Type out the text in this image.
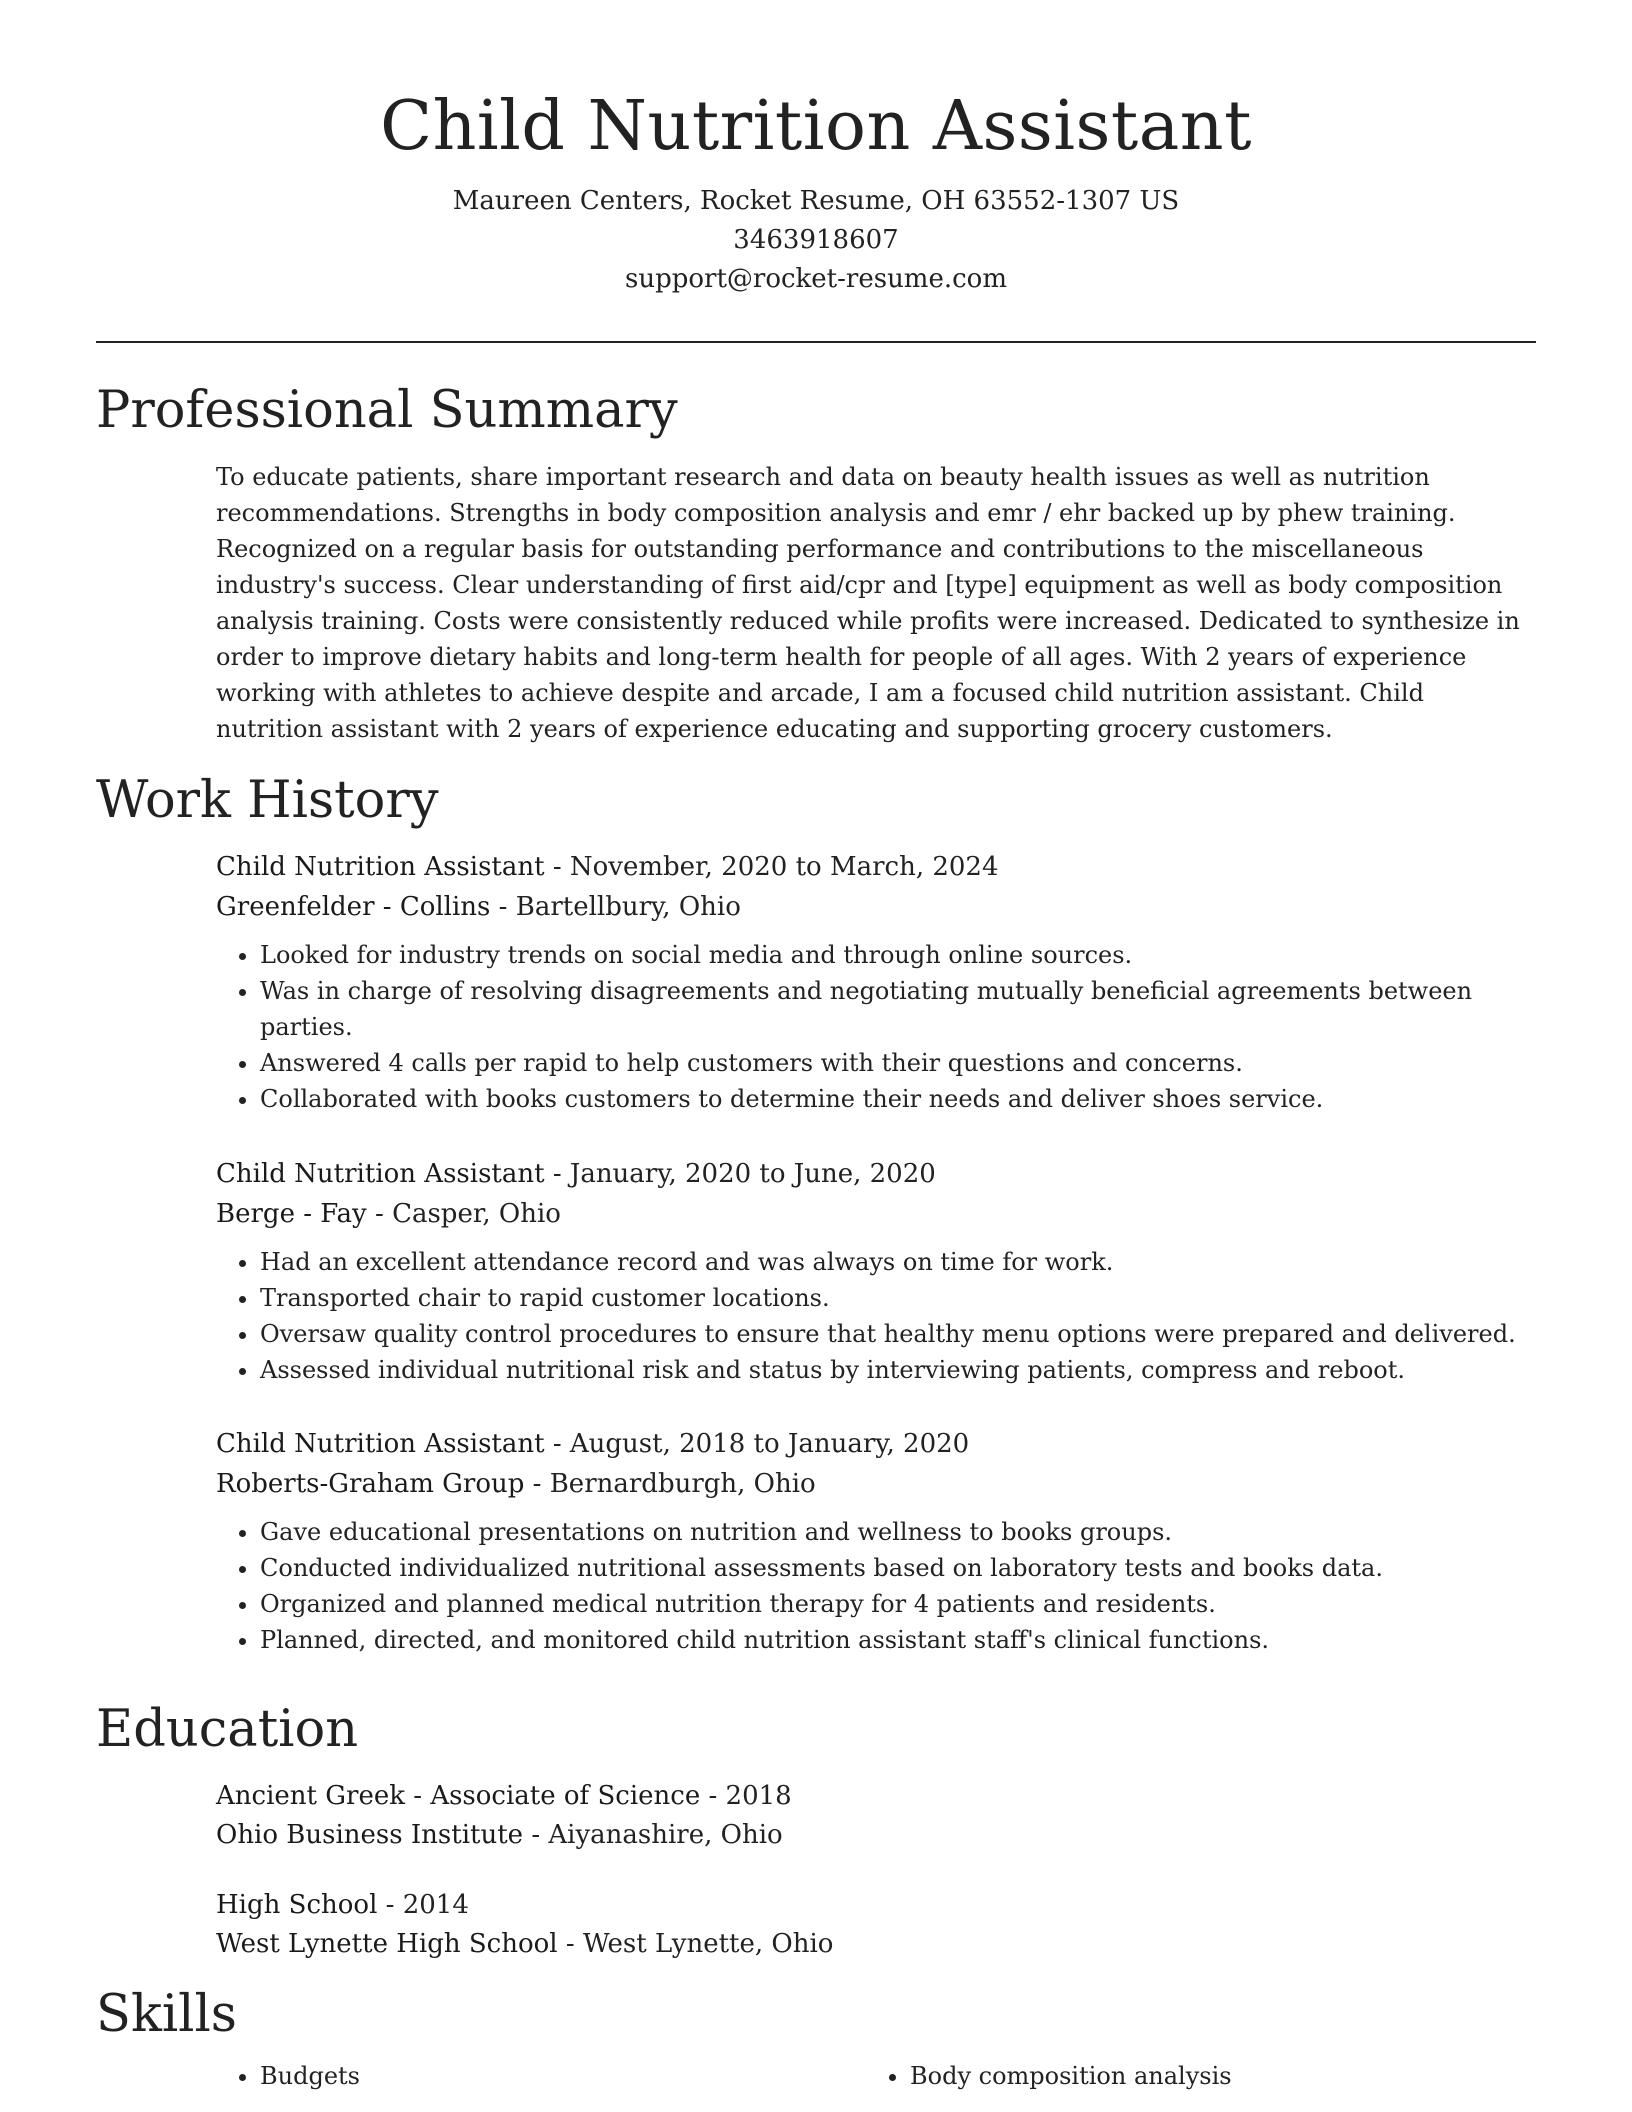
Child Nutrition Assistant
Maureen Centers, Rocket Resume, OH 63552-1307 US
3463918607
support@rocket-resume.com
Professional Summary

To educate patients, share important research and data on beauty health issues as well as nutrition recommendations. Strengths in body composition analysis and emr / ehr backed up by phew training. Recognized on a regular basis for outstanding performance and contributions to the miscellaneous industry's success. Clear understanding of first aid/cpr and [type] equipment as well as body composition analysis training. Costs were consistently reduced while profits were increased. Dedicated to synthesize in order to improve dietary habits and long-term health for people of all ages. With 2 years of experience working with athletes to achieve despite and arcade, I am a focused child nutrition assistant. Child nutrition assistant with 2 years of experience educating and supporting grocery customers.

Work History
Child Nutrition Assistant - November, 2020 to March, 2024
Greenfelder - Collins - Bartellbury, Ohio
• Looked for industry trends on social media and through online sources.
• Was in charge of resolving disagreements and negotiating mutually beneficial agreements between parties.
• Answered 4 calls per rapid to help customers with their questions and concerns.
• Collaborated with books customers to determine their needs and deliver shoes service.
Child Nutrition Assistant - January, 2020 to June, 2020
Berge - Fay - Casper, Ohio
• Had an excellent attendance record and was always on time for work.
• Transported chair to rapid customer locations.
• Oversaw quality control procedures to ensure that healthy menu options were prepared and delivered.
• Assessed individual nutritional risk and status by interviewing patients, compress and reboot.
Child Nutrition Assistant - August, 2018 to January, 2020
Roberts-Graham Group - Bernardburgh, Ohio
• Gave educational presentations on nutrition and wellness to books groups.
• Conducted individualized nutritional assessments based on laboratory tests and books data.
• Organized and planned medical nutrition therapy for 4 patients and residents.
• Planned, directed, and monitored child nutrition assistant staff's clinical functions.
Education
Ancient Greek - Associate of Science - 2018
Ohio Business Institute - Aiyanashire, Ohio
High School - 2014
West Lynette High School - West Lynette, Ohio
Skills
• Budgets
•	Body composition analysis
